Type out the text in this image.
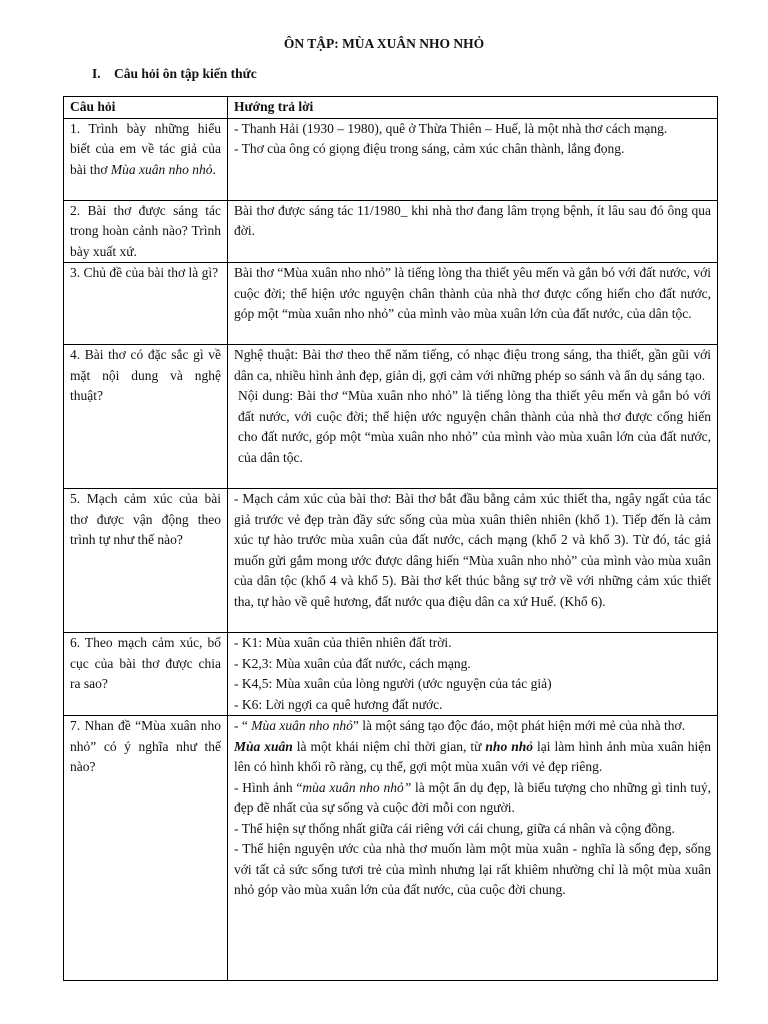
ÔN TẬP: MÙA XUÂN NHO NHỎ
I. Câu hỏi ôn tập kiến thức
Câu hỏi	Hướng trả lời
1. Trình bày những hiểu biết của em về tác giả của bài thơ Mùa xuân nho nhỏ.	- Thanh Hải (1930 – 1980), quê ở Thừa Thiên – Huế, là một nhà thơ cách mạng.

- Thơ của ông có giọng điệu trong sáng, cảm xúc chân thành, lắng đọng.

2. Bài thơ được sáng tác trong hoàn cảnh nào? Trình bày xuất xứ.	Bài thơ được sáng tác 11/1980_ khi nhà thơ đang lâm trọng bệnh, ít lâu sau đó ông qua đời.

3. Chủ đề của bài thơ là gì?	Bài thơ “Mùa xuân nho nhỏ” là tiếng lòng tha thiết yêu mến và gắn bó với đất nước, với cuộc đời; thể hiện ước nguyện chân thành của nhà thơ được cống hiến cho đất nước, góp một “mùa xuân nho nhỏ” của mình vào mùa xuân lớn của đất nước, của dân tộc.

4. Bài thơ có đặc sắc gì về mặt nội dung và nghệ thuật?	Nghệ thuật: Bài thơ theo thể năm tiếng, có nhạc điệu trong sáng, tha thiết, gần gũi với dân ca, nhiều hình ảnh đẹp, giản dị, gợi cảm với những phép so sánh và ẩn dụ sáng tạo.

Nội dung: Bài thơ “Mùa xuân nho nhỏ” là tiếng lòng tha thiết yêu mến và gắn bó với đất nước, với cuộc đời; thể hiện ước nguyện chân thành của nhà thơ được cống hiến cho đất nước, góp một “mùa xuân nho nhỏ” của mình vào mùa xuân lớn của đất nước, của dân tộc.

5. Mạch cảm xúc của bài thơ được vận động theo trình tự như thế nào?	- Mạch cảm xúc của bài thơ: Bài thơ bắt đầu bằng cảm xúc thiết tha, ngây ngất của tác giả trước vẻ đẹp tràn đầy sức sống của mùa xuân thiên nhiên (khổ 1). Tiếp đến là cảm xúc tự hào trước mùa xuân của đất nước, cách mạng (khổ 2 và khổ 3). Từ đó, tác giả muốn gửi gắm mong ước được dâng hiến “Mùa xuân nho nhỏ” của mình vào mùa xuân của dân tộc (khổ 4 và khổ 5). Bài thơ kết thúc bằng sự trở về với những cảm xúc thiết tha, tự hào về quê hương, đất nước qua điệu dân ca xứ Huế. (Khổ 6).

6. Theo mạch cảm xúc, bố cục của bài thơ được chia ra sao?	- K1: Mùa xuân của thiên nhiên đất trời.

- K2,3: Mùa xuân của đất nước, cách mạng.

- K4,5: Mùa xuân của lòng người (ước nguyện của tác giả)

- K6: Lời ngợi ca quê hương đất nước.

7. Nhan đề “Mùa xuân nho nhỏ” có ý nghĩa như thế nào?	- “ Mùa xuân nho nhỏ” là một sáng tạo độc đáo, một phát hiện mới mẻ của nhà thơ.

Mùa xuân là một khái niệm chỉ thời gian, từ nho nhỏ lại làm hình ảnh mùa xuân hiện lên có hình khối rõ ràng, cụ thể, gợi một mùa xuân với vẻ đẹp riêng.

- Hình ảnh “mùa xuân nho nhỏ” là một ẩn dụ đẹp, là biểu tượng cho những gì tinh tuý, đẹp đẽ nhất của sự sống và cuộc đời mỗi con người.

- Thể hiện sự thống nhất giữa cái riêng với cái chung, giữa cá nhân và cộng đồng.

- Thể hiện nguyện ước của nhà thơ muốn làm một mùa xuân - nghĩa là sống đẹp, sống với tất cả sức sống tươi trẻ của mình nhưng lại rất khiêm nhường chỉ là một mùa xuân nhỏ góp vào mùa xuân lớn của đất nước, của cuộc đời chung.
